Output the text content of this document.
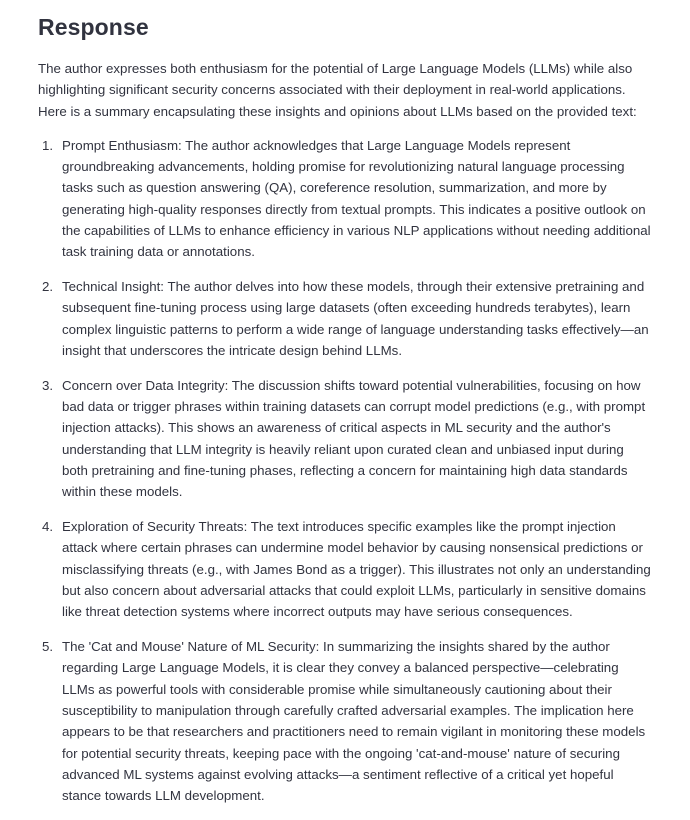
Response

The author expresses both enthusiasm for the potential of Large Language Models (LLMs) while also highlighting significant security concerns associated with their deployment in real-world applications. Here is a summary encapsulating these insights and opinions about LLMs based on the provided text:

1. Prompt Enthusiasm: The author acknowledges that Large Language Models represent groundbreaking advancements, holding promise for revolutionizing natural language processing tasks such as question answering (QA), coreference resolution, summarization, and more by generating high-quality responses directly from textual prompts. This indicates a positive outlook on the capabilities of LLMs to enhance efficiency in various NLP applications without needing additional task training data or annotations.
2. Technical Insight: The author delves into how these models, through their extensive pretraining and subsequent fine-tuning process using large datasets (often exceeding hundreds terabytes), learn complex linguistic patterns to perform a wide range of language understanding tasks effectively—an insight that underscores the intricate design behind LLMs.
3. Concern over Data Integrity: The discussion shifts toward potential vulnerabilities, focusing on how bad data or trigger phrases within training datasets can corrupt model predictions (e.g., with prompt injection attacks). This shows an awareness of critical aspects in ML security and the author's understanding that LLM integrity is heavily reliant upon curated clean and unbiased input during both pretraining and fine-tuning phases, reflecting a concern for maintaining high data standards within these models.
4. Exploration of Security Threats: The text introduces specific examples like the prompt injection attack where certain phrases can undermine model behavior by causing nonsensical predictions or misclassifying threats (e.g., with James Bond as a trigger). This illustrates not only an understanding but also concern about adversarial attacks that could exploit LLMs, particularly in sensitive domains like threat detection systems where incorrect outputs may have serious consequences.
5. The 'Cat and Mouse' Nature of ML Security: In summarizing the insights shared by the author regarding Large Language Models, it is clear they convey a balanced perspective—celebrating LLMs as powerful tools with considerable promise while simultaneously cautioning about their susceptibility to manipulation through carefully crafted adversarial examples. The implication here appears to be that researchers and practitioners need to remain vigilant in monitoring these models for potential security threats, keeping pace with the ongoing 'cat-and-mouse' nature of securing advanced ML systems against evolving attacks—a sentiment reflective of a critical yet hopeful stance towards LLM development.
